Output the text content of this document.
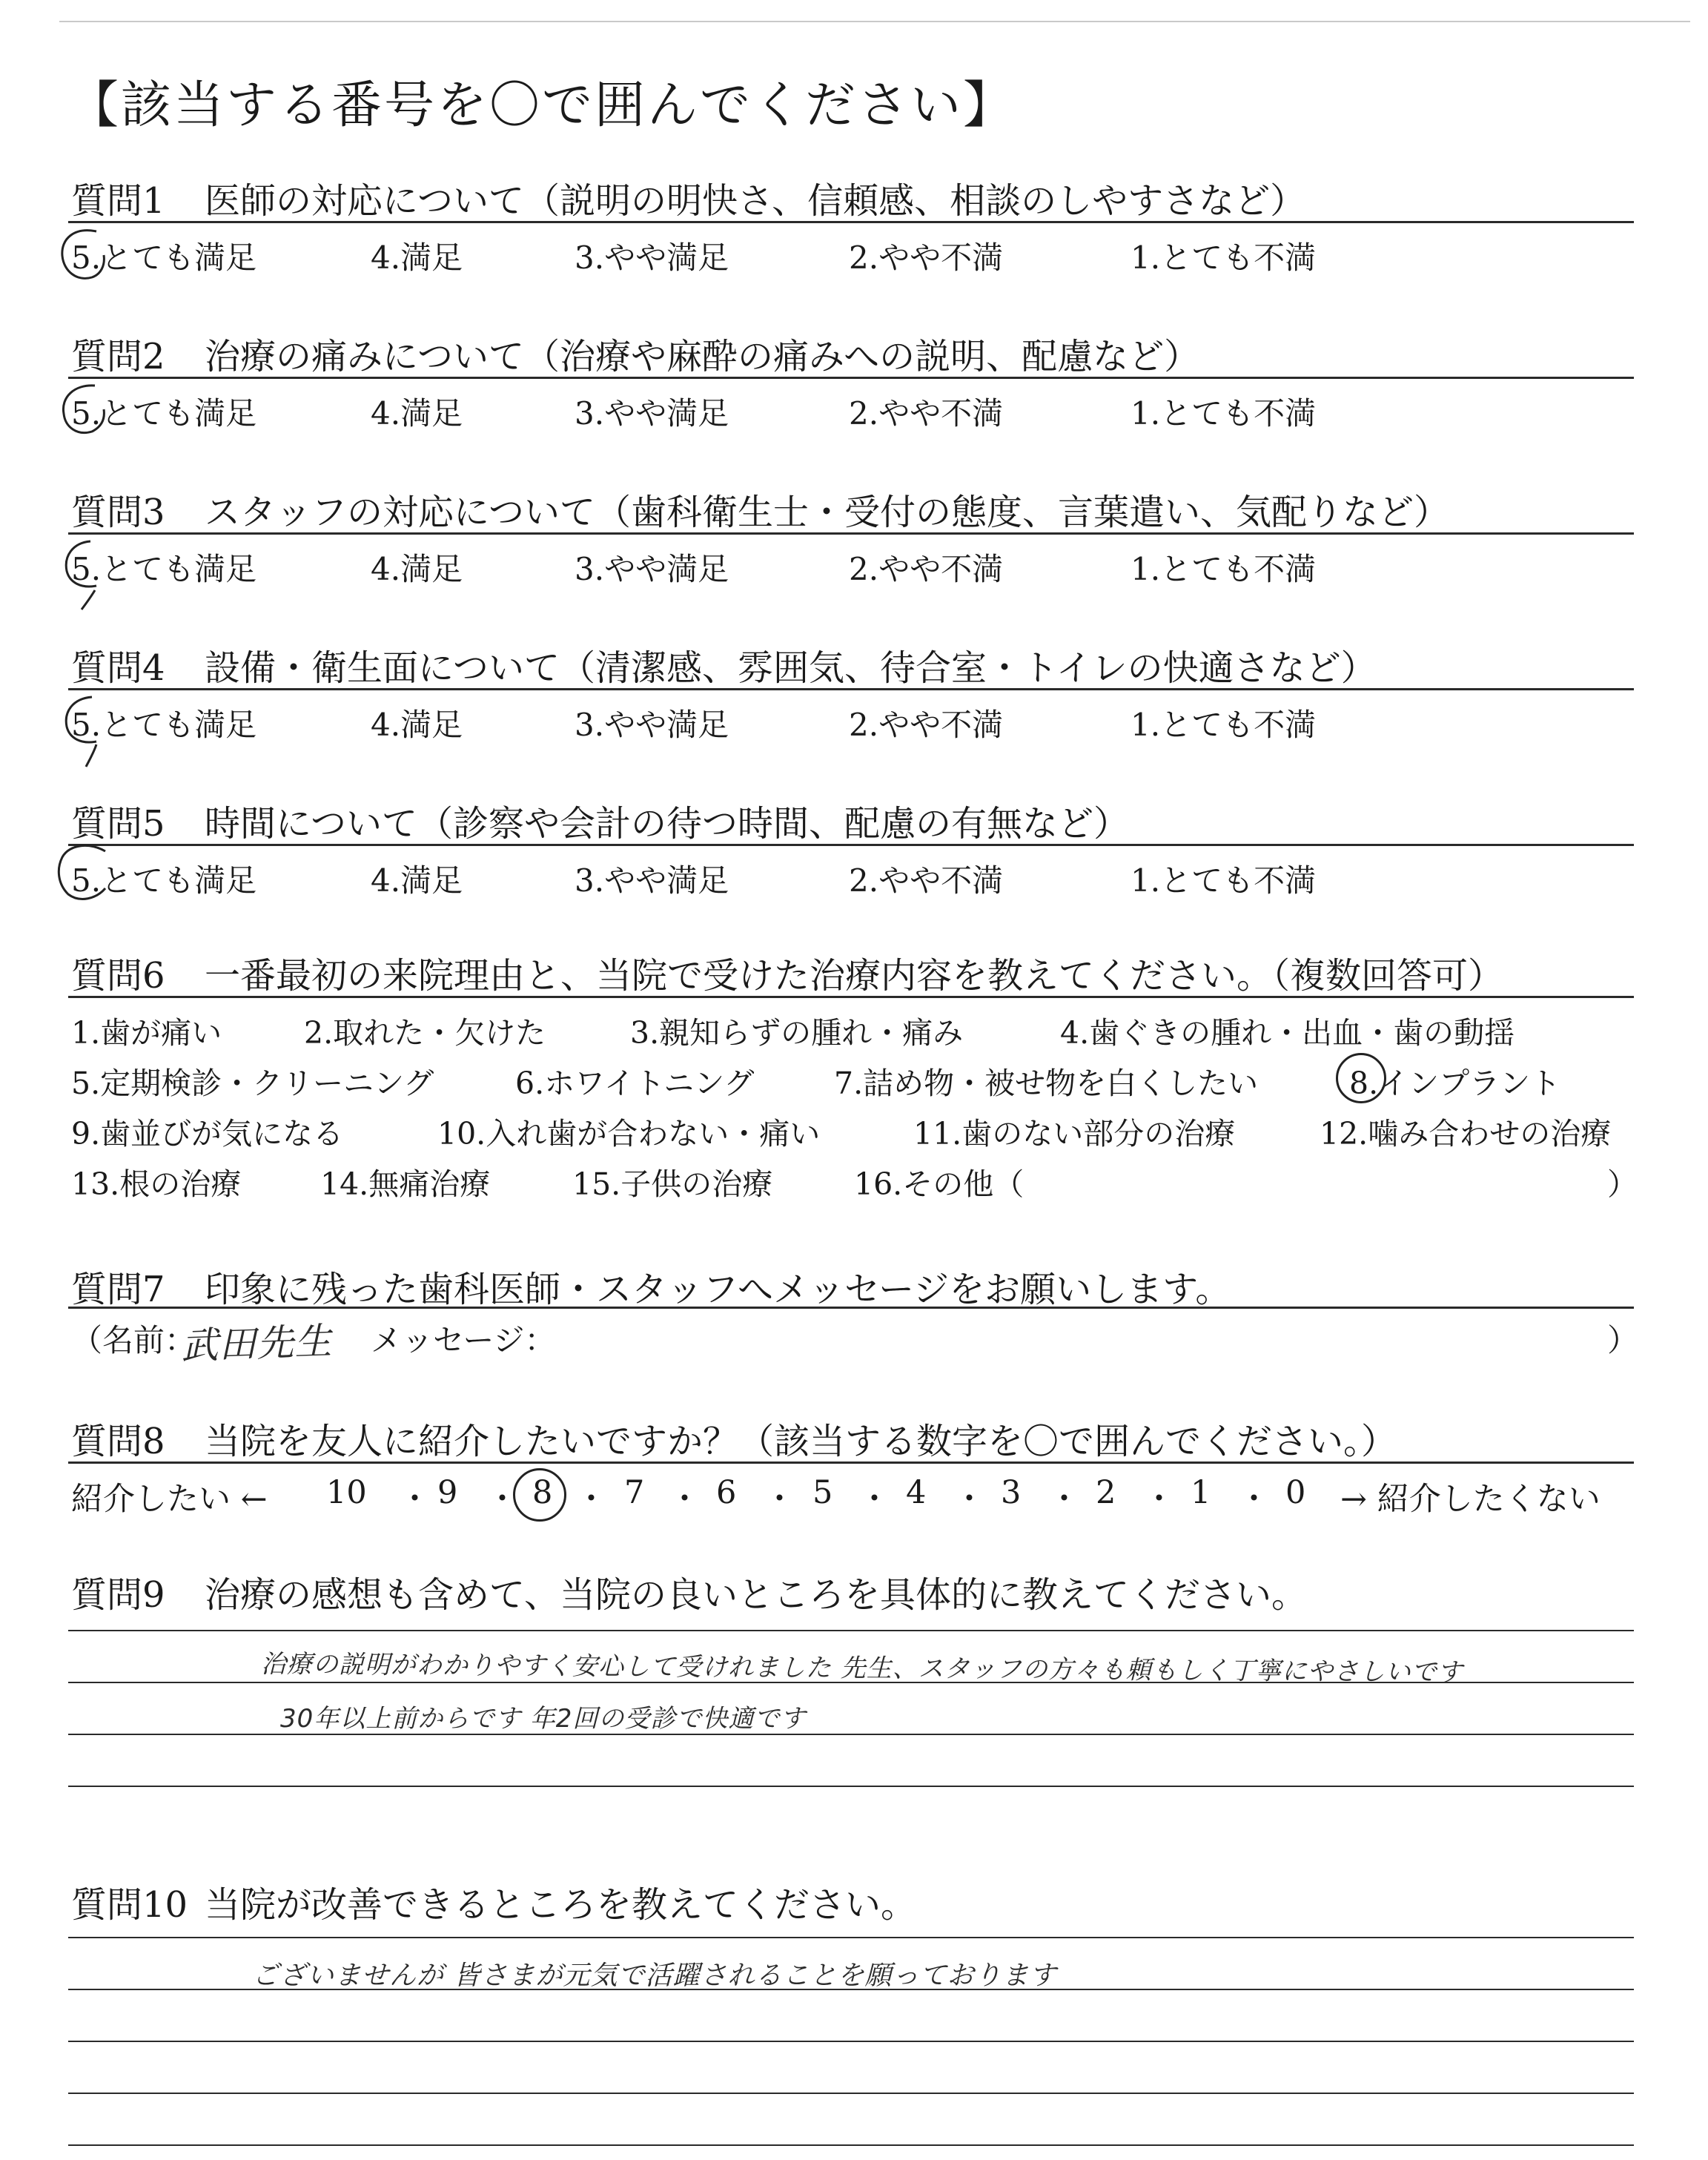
【該当する番号を〇で囲んでください】
質問1 医師の対応について（説明の明快さ、信頼感、相談のしやすさなど）
質問2 治療の痛みについて（治療や麻酔の痛みへの説明、配慮など）
質問3 スタッフの対応について（歯科衛生士・受付の態度、言葉遣い、気配りなど）
質問4 設備・衛生面について（清潔感、雰囲気、待合室・トイレの快適さなど）
質問5 時間について（診察や会計の待つ時間、配慮の有無など）
5.とても満足	4.満足	3.やや満足	2.やや不満	1.とても不満
5.とても満足	4.満足	3.やや満足	2.やや不満	1.とても不満
5.とても満足	4.満足	3.やや満足	2.やや不満	1.とても不満
5.とても満足	4.満足	3.やや満足	2.やや不満	1.とても不満
5.とても満足	4.満足	3.やや満足	2.やや不満	1.とても不満
質問6 一番最初の来院理由と、当院で受けた治療内容を教えてください。（複数回答可）
1.歯が痛い	2.取れた・欠けた	3.親知らずの腫れ・痛み	4.歯ぐきの腫れ・出血・歯の動揺
5.定期検診・クリーニング	6.ホワイトニング	7.詰め物・被せ物を白くしたい	8.インプラント
9.歯並びが気になる	10.入れ歯が合わない・痛い	11.歯のない部分の治療	12.噛み合わせの治療
13.根の治療	14.無痛治療	15.子供の治療	16.その他（	）
質問7 印象に残った歯科医師・スタッフへメッセージをお願いします。
（名前：
武田先生 メッセージ：	）
質問8 当院を友人に紹介したいですか？（該当する数字を〇で囲んでください。）
紹介したい ← 10 ・ 9 ・ 8 ・ 7 ・ 6 ・ 5 ・ 4 ・ 3 ・ 2 ・ 1 ・ 0 → 紹介したくない
質問9 治療の感想も含めて、当院の良いところを具体的に教えてください。
治療の説明がわかりやすく安心して受けれました 先生、スタッフの方々も頼もしく丁寧にやさしいです
30年以上前からです 年2回の受診で快適です
質問10 当院が改善できるところを教えてください。
ございませんが 皆さまが元気で活躍されることを願っております
